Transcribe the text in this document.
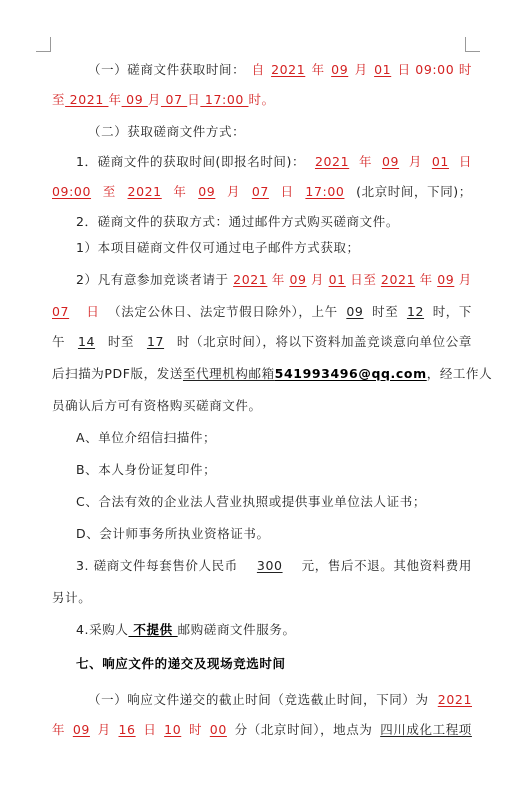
（一）磋商文件获取时间： 自 2021 年 09 月 01 日 09:00 时
至 2021 年 09 月 07 日 17:00 时。
（二）获取磋商文件方式：
1．磋商文件的获取时间(即报名时间)： 2021 年 09 月 01 日
09:00 至 2021 年 09 月 07 日 17:00 (北京时间，下同)；
2．磋商文件的获取方式：通过邮件方式购买磋商文件。
1）本项目磋商文件仅可通过电子邮件方式获取；
2）凡有意参加竞谈者请于 2021 年 09 月 01 日至 2021 年 09 月
07 日 （法定公休日、法定节假日除外），上午 09 时至 12 时，下
午 14 时至 17 时（北京时间），将以下资料加盖竞谈意向单位公章
后扫描为PDF版，发送 至代理机构邮箱 541993496@qq.com ，经工作人
员确认后方可有资格购买磋商文件。
A、单位介绍信扫描件；
B、本人身份证复印件；
C、合法有效的企业法人营业执照或提供事业单位法人证书；
D、会计师事务所执业资格证书。
3. 磋商文件每套售价人民币 300 元，售后不退。其他资料费用
另计。
4.采购人 不提供 邮购磋商文件服务。
七、响应文件的递交及现场竞选时间
（一）响应文件递交的截止时间（竞选截止时间，下同）为 2021
年 09 月 16 日 10 时 00 分（北京时间），地点为 四川成化工程项
